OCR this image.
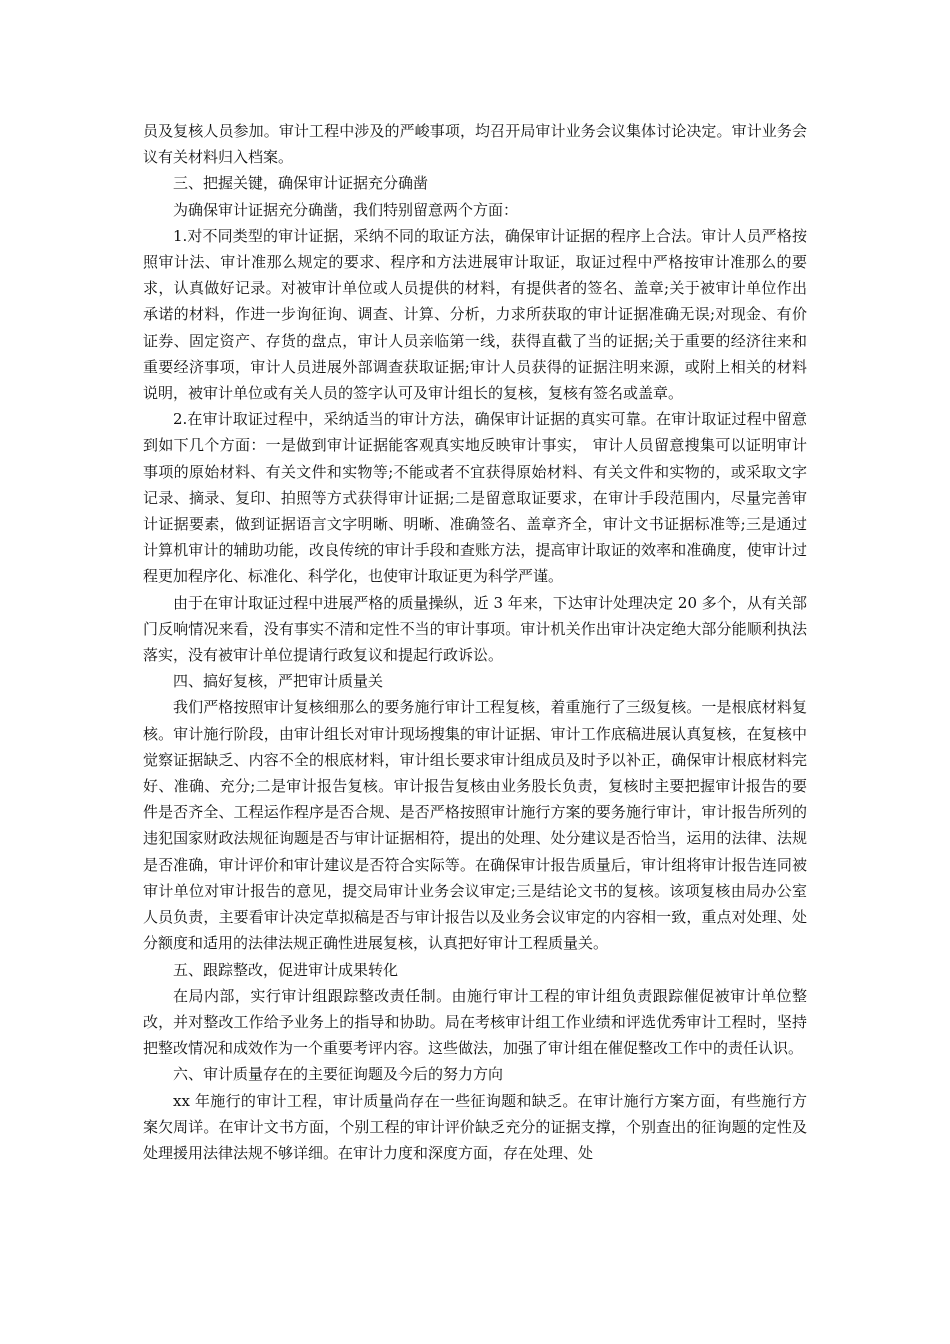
员及复核人员参加。审计工程中涉及的严峻事项，均召开局审计业务会议集体讨论决定。审计业务会议有关材料归入档案。

三、把握关键，确保审计证据充分确凿

为确保审计证据充分确凿，我们特别留意两个方面：

1.对不同类型的审计证据，采纳不同的取证方法，确保审计证据的程序上合法。审计人员严格按照审计法、审计准那么规定的要求、程序和方法进展审计取证，取证过程中严格按审计准那么的要求，认真做好记录。对被审计单位或人员提供的材料，有提供者的签名、盖章;关于被审计单位作出承诺的材料，作进一步询征询、调查、计算、分析，力求所获取的审计证据准确无误;对现金、有价证券、固定资产、存货的盘点，审计人员亲临第一线，获得直截了当的证据;关于重要的经济往来和重要经济事项，审计人员进展外部调查获取证据;审计人员获得的证据注明来源，或附上相关的材料说明，被审计单位或有关人员的签字认可及审计组长的复核，复核有签名或盖章。

2.在审计取证过程中，采纳适当的审计方法，确保审计证据的真实可靠。在审计取证过程中留意到如下几个方面：一是做到审计证据能客观真实地反映审计事实， 审计人员留意搜集可以证明审计事项的原始材料、有关文件和实物等;不能或者不宜获得原始材料、有关文件和实物的，或采取文字记录、摘录、复印、拍照等方式获得审计证据;二是留意取证要求，在审计手段范围内，尽量完善审计证据要素，做到证据语言文字明晰、明晰、准确签名、盖章齐全，审计文书证据标准等;三是通过计算机审计的辅助功能，改良传统的审计手段和查账方法，提高审计取证的效率和准确度，使审计过程更加程序化、标准化、科学化，也使审计取证更为科学严谨。

由于在审计取证过程中进展严格的质量操纵，近 3 年来，下达审计处理决定 20 多个，从有关部门反响情况来看，没有事实不清和定性不当的审计事项。审计机关作出审计决定绝大部分能顺利执法落实，没有被审计单位提请行政复议和提起行政诉讼。

四、搞好复核，严把审计质量关

我们严格按照审计复核细那么的要务施行审计工程复核，着重施行了三级复核。一是根底材料复核。审计施行阶段，由审计组长对审计现场搜集的审计证据、审计工作底稿进展认真复核，在复核中觉察证据缺乏、内容不全的根底材料，审计组长要求审计组成员及时予以补正，确保审计根底材料完好、准确、充分;二是审计报告复核。审计报告复核由业务股长负责，复核时主要把握审计报告的要件是否齐全、工程运作程序是否合规、是否严格按照审计施行方案的要务施行审计，审计报告所列的违犯国家财政法规征询题是否与审计证据相符，提出的处理、处分建议是否恰当，运用的法律、法规是否准确，审计评价和审计建议是否符合实际等。在确保审计报告质量后，审计组将审计报告连同被审计单位对审计报告的意见，提交局审计业务会议审定;三是结论文书的复核。该项复核由局办公室人员负责，主要看审计决定草拟稿是否与审计报告以及业务会议审定的内容相一致，重点对处理、处分额度和适用的法律法规正确性进展复核，认真把好审计工程质量关。

五、跟踪整改，促进审计成果转化

在局内部，实行审计组跟踪整改责任制。由施行审计工程的审计组负责跟踪催促被审计单位整改，并对整改工作给予业务上的指导和协助。局在考核审计组工作业绩和评选优秀审计工程时，坚持把整改情况和成效作为一个重要考评内容。这些做法，加强了审计组在催促整改工作中的责任认识。

六、审计质量存在的主要征询题及今后的努力方向

xx 年施行的审计工程，审计质量尚存在一些征询题和缺乏。在审计施行方案方面，有些施行方案欠周详。在审计文书方面，个别工程的审计评价缺乏充分的证据支撑，个别查出的征询题的定性及处理援用法律法规不够详细。在审计力度和深度方面，存在处理、处
